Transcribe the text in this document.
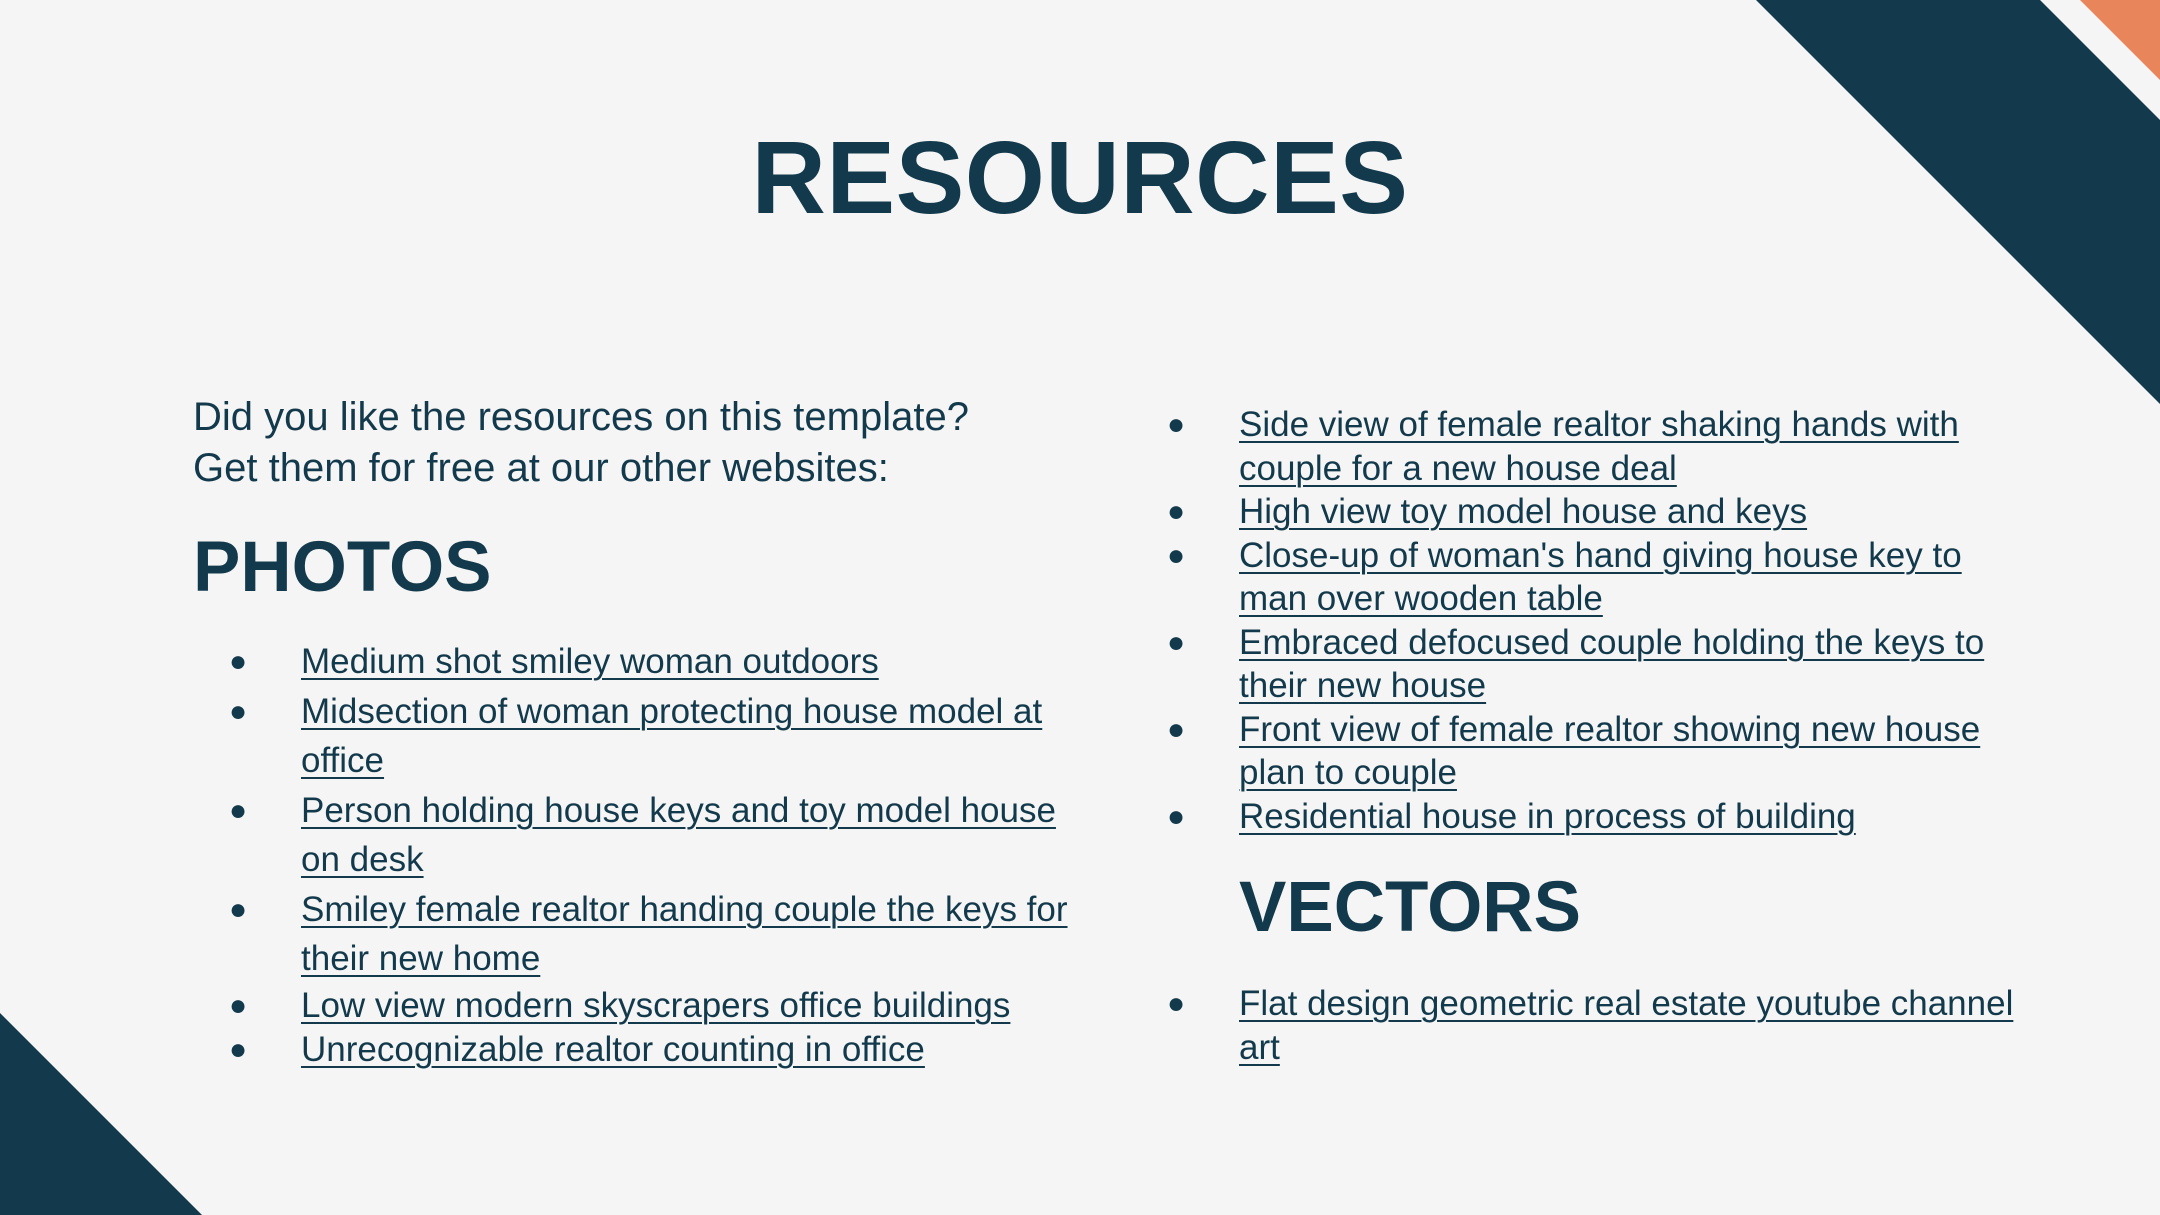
RESOURCES
Did you like the resources on this template?
Get them for free at our other websites:
PHOTOS
● Medium shot smiley woman outdoors
● Midsection of woman protecting house model at office
● Person holding house keys and toy model house on desk
● Smiley female realtor handing couple the keys for their new home
● Low view modern skyscrapers office buildings
● Unrecognizable realtor counting in office
● Side view of female realtor shaking hands with couple for a new house deal
● High view toy model house and keys
● Close-up of woman's hand giving house key to man over wooden table
● Embraced defocused couple holding the keys to their new house
● Front view of female realtor showing new house plan to couple
● Residential house in process of building
VECTORS
● Flat design geometric real estate youtube channel art
